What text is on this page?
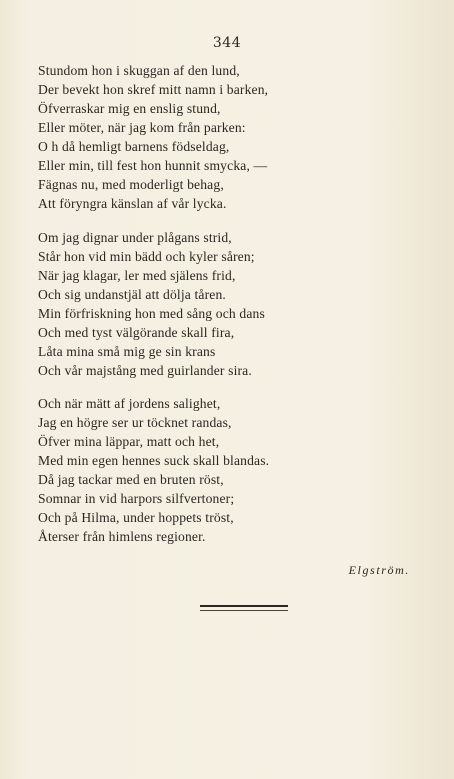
344
Stundom hon i skuggan af den lund,
Der bevekt hon skref mitt namn i barken,
Öfverraskar mig en enslig stund,
Eller möter, när jag kom från parken:
O h då hemligt barnens födseldag,
Eller min, till fest hon hunnit smycka, —
Fägnas nu, med moderligt behag,
Att föryngra känslan af vår lycka.
Om jag dignar under plågans strid,
Står hon vid min bädd och kyler såren;
När jag klagar, ler med själens frid,
Och sig undanstjäl att dölja tåren.
Min förfriskning hon med sång och dans
Och med tyst välgörande skall fira,
Låta mina små mig ge sin krans
Och vår majstång med guirlander sira.
Och när mätt af jordens salighet,
Jag en högre ser ur töcknet randas,
Öfver mina läppar, matt och het,
Med min egen hennes suck skall blandas.
Då jag tackar med en bruten röst,
Somnar in vid harpors silfvertoner;
Och på Hilma, under hoppets tröst,
Återser från himlens regioner.
Elgström.
